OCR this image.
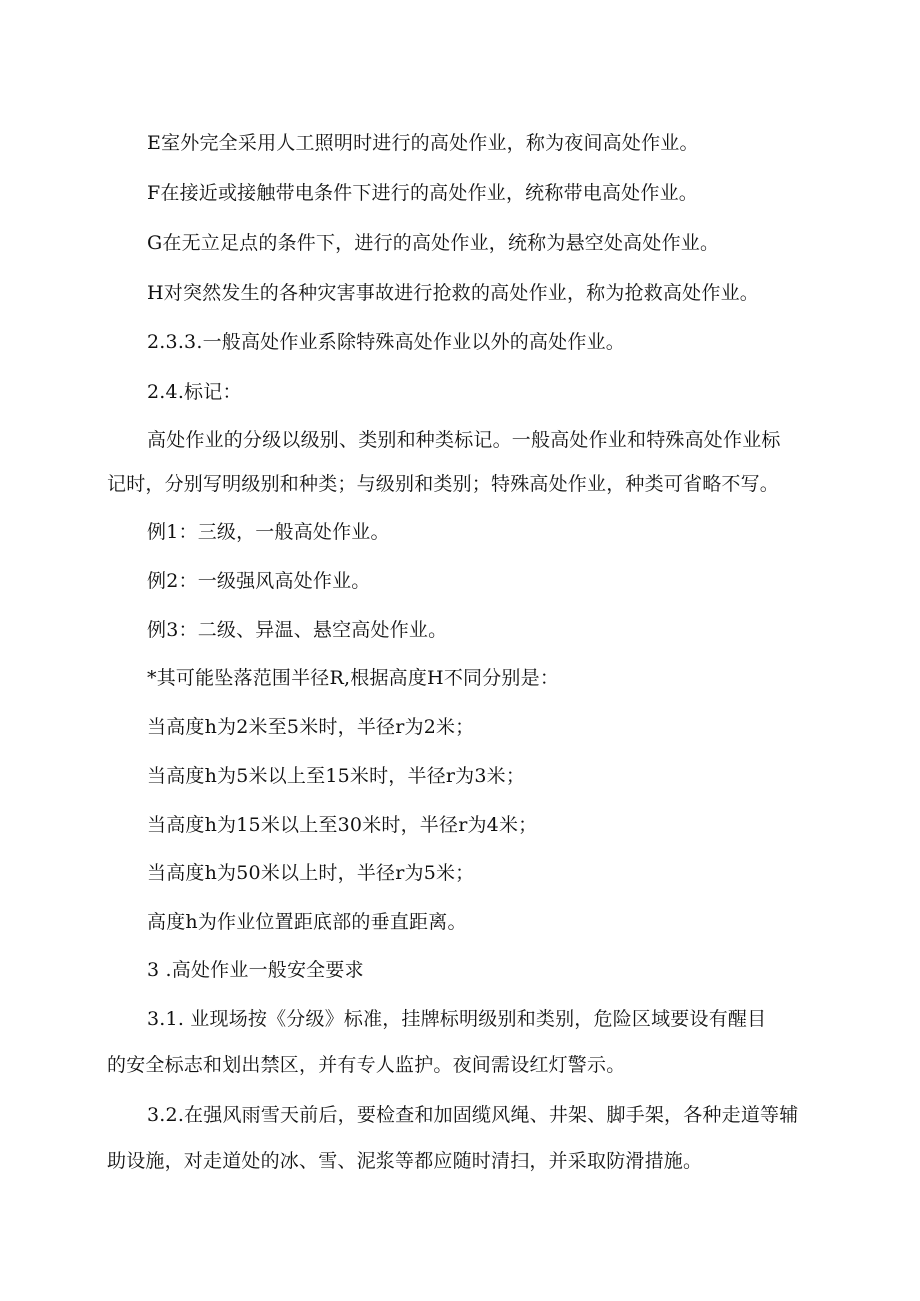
E室外完全采用人工照明时进行的高处作业，称为夜间高处作业。
F在接近或接触带电条件下进行的高处作业，统称带电高处作业。
G在无立足点的条件下，进行的高处作业，统称为悬空处高处作业。
H对突然发生的各种灾害事故进行抢救的高处作业，称为抢救高处作业。
2.3.3.一般高处作业系除特殊高处作业以外的高处作业。
2.4.标记：
高处作业的分级以级别、类别和种类标记。一般高处作业和特殊高处作业标
记时，分别写明级别和种类；与级别和类别；特殊高处作业，种类可省略不写。
例1：三级，一般高处作业。
例2：一级强风高处作业。
例3：二级、异温、悬空高处作业。
*其可能坠落范围半径R,根据高度H不同分别是：
当高度h为2米至5米时，半径r为2米；
当高度h为5米以上至15米时，半径r为3米；
当高度h为15米以上至30米时，半径r为4米；
当高度h为50米以上时，半径r为5米；
高度h为作业位置距底部的垂直距离。
3 .高处作业一般安全要求
3.1. 业现场按《分级》标准，挂牌标明级别和类别，危险区域要设有醒目
的安全标志和划出禁区，并有专人监护。夜间需设红灯警示。
3.2.在强风雨雪天前后，要检查和加固缆风绳、井架、脚手架，各种走道等辅
助设施，对走道处的冰、雪、泥浆等都应随时清扫，并采取防滑措施。
